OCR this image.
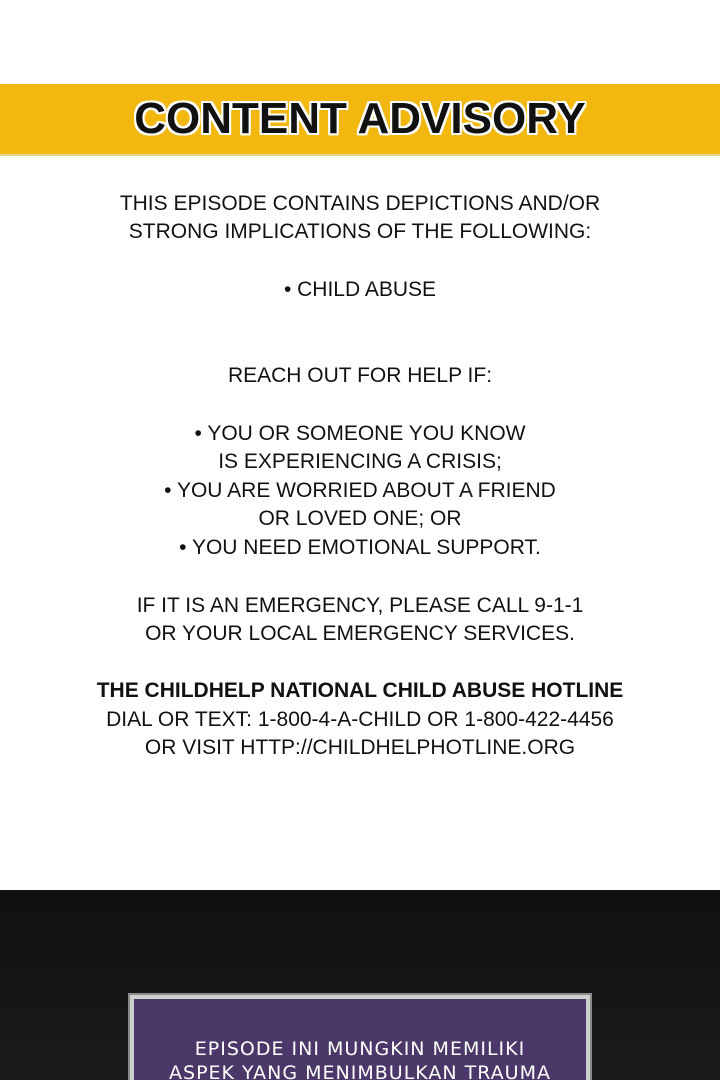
CONTENT ADVISORY
THIS EPISODE CONTAINS DEPICTIONS AND/OR
STRONG IMPLICATIONS OF THE FOLLOWING:
• CHILD ABUSE
REACH OUT FOR HELP IF:
• YOU OR SOMEONE YOU KNOW
IS EXPERIENCING A CRISIS;
• YOU ARE WORRIED ABOUT A FRIEND
OR LOVED ONE; OR
• YOU NEED EMOTIONAL SUPPORT.
IF IT IS AN EMERGENCY, PLEASE CALL 9-1-1
OR YOUR LOCAL EMERGENCY SERVICES.
THE CHILDHELP NATIONAL CHILD ABUSE HOTLINE
DIAL OR TEXT: 1-800-4-A-CHILD OR 1-800-422-4456
OR VISIT HTTP://CHILDHELPHOTLINE.ORG
EPISODE INI MUNGKIN MEMILIKI
ASPEK YANG MENIMBULKAN TRAUMA
